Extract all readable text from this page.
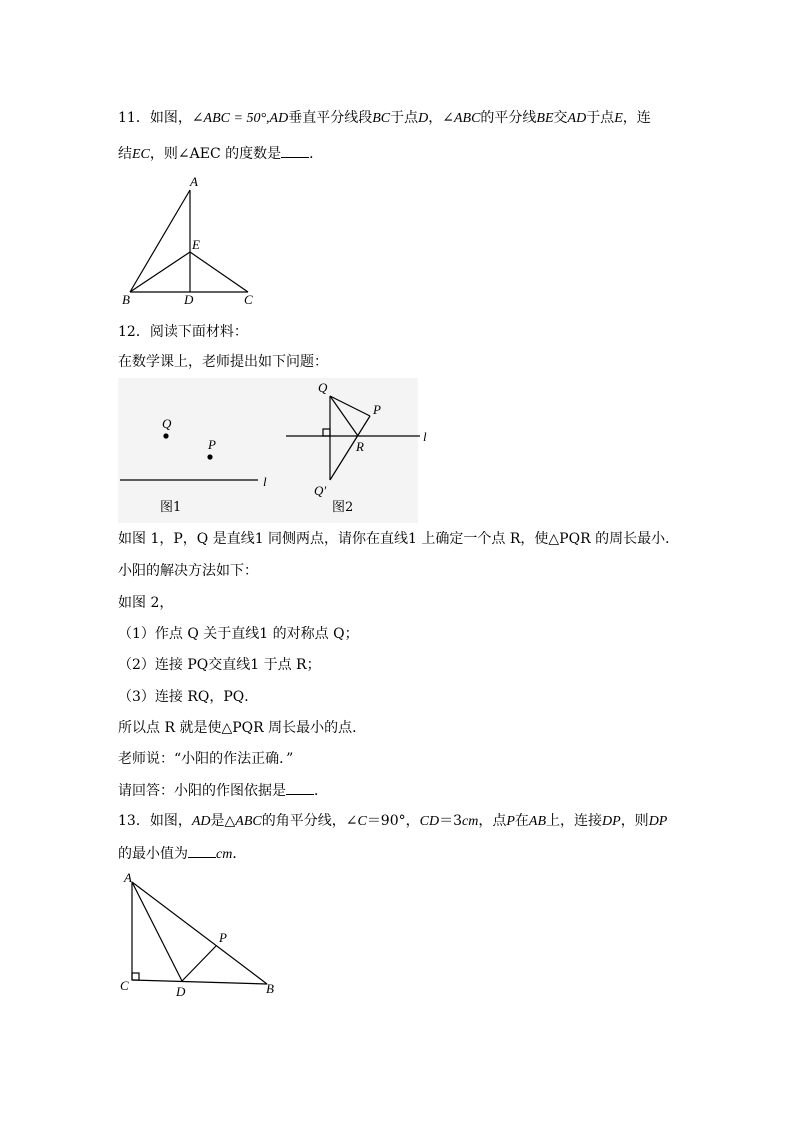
11．如图，∠ABC = 50°,AD垂直平分线段BC于点D，∠ABC的平分线BE交AD于点E，连
结EC，则∠AEC 的度数是 ．
A
E
B	D	C
12．阅读下面材料：
在数学课上，老师提出如下问题：
Q
P
l
图1
Q
P
R
l
Q′
图2
如图 1，P，Q 是直线1 同侧两点，请你在直线1 上确定一个点 R，使△PQR 的周长最小．
小阳的解决方法如下：
如图 2，
（1）作点 Q 关于直线1 的对称点 Q；
（2）连接 PQ交直线1 于点 R；
（3）连接 RQ，PQ．
所以点 R 就是使△PQR 周长最小的点．
老师说：“小阳的作法正确．”
请回答：小阳的作图依据是 ．
13．如图，AD是△ABC的角平分线，∠C＝90°，CD＝3cm，点P在AB上，连接DP，则DP
的最小值为 cm．
A
P
C	D	B
